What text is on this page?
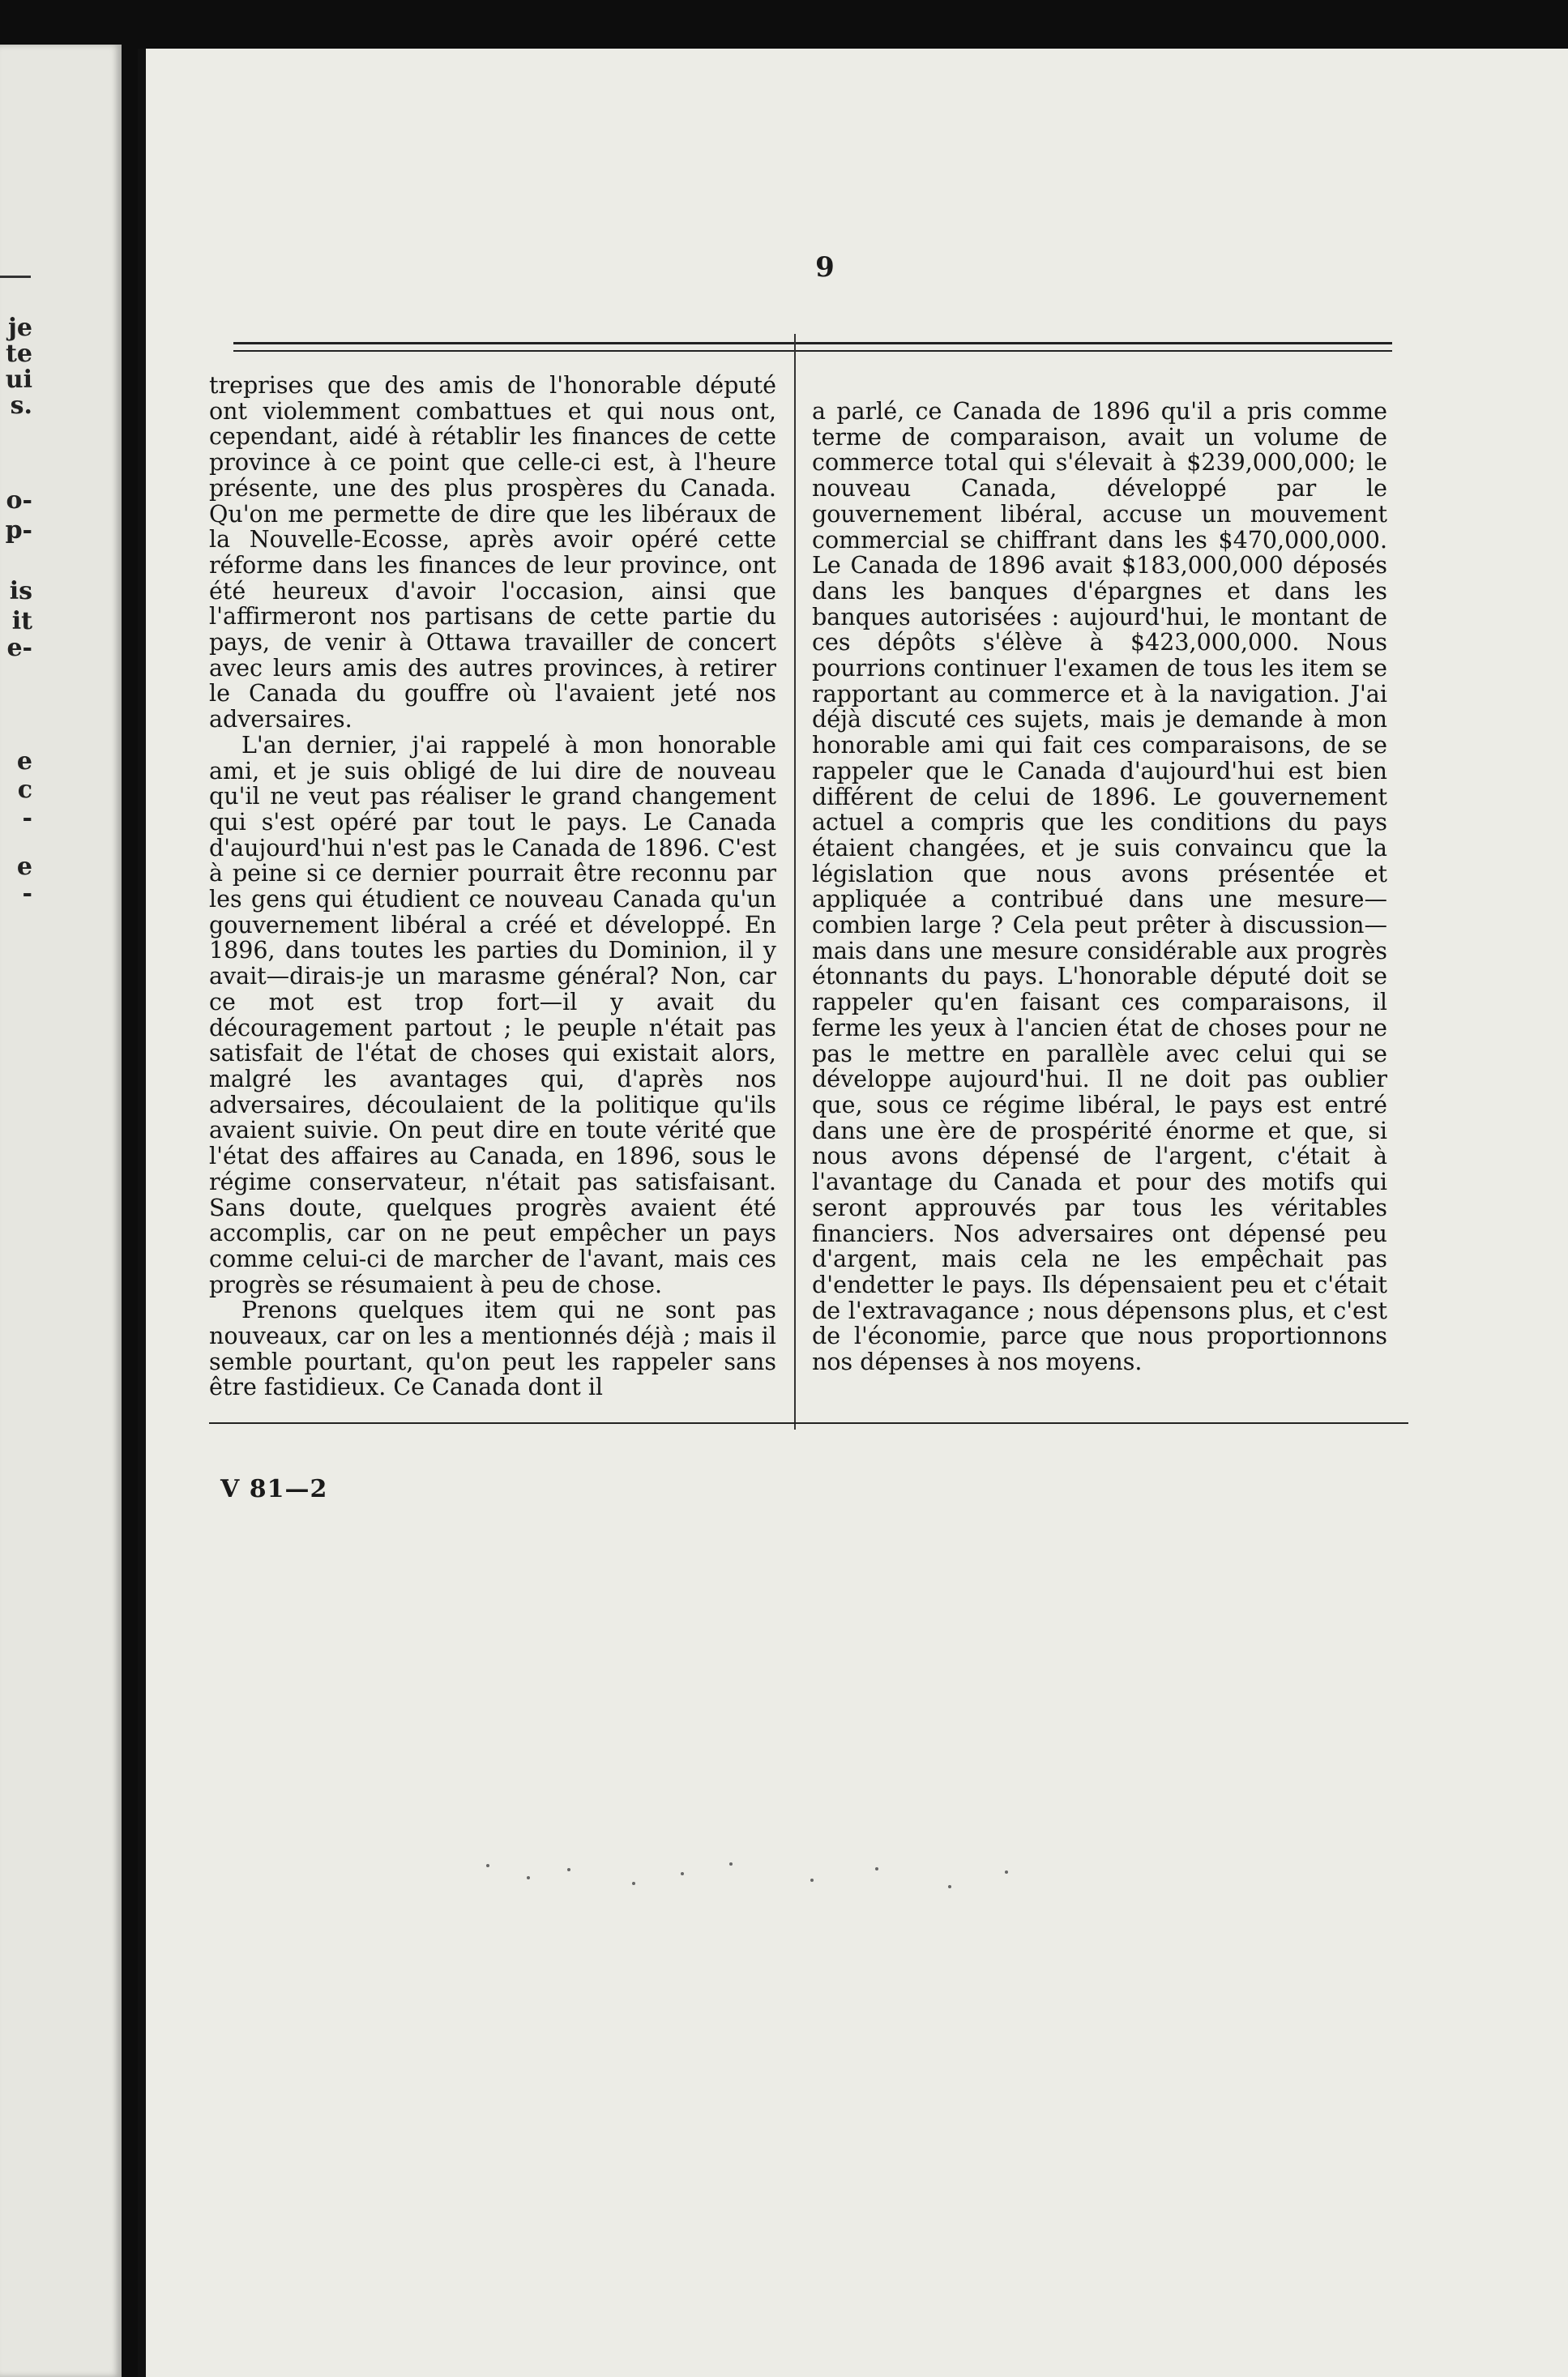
je
te
ui
s.
o-
p-
is
it
e-
e
c
-
e
-
9

treprises que des amis de l'honorable député ont violemment combattues et qui nous ont, cependant, aidé à rétablir les finances de cette province à ce point que celle-ci est, à l'heure présente, une des plus prospères du Canada. Qu'on me permette de dire que les libéraux de la Nouvelle-Ecosse, après avoir opéré cette réforme dans les finances de leur province, ont été heureux d'avoir l'occasion, ainsi que l'affirmeront nos partisans de cette partie du pays, de venir à Ottawa travailler de concert avec leurs amis des autres provinces, à retirer le Canada du gouffre où l'avaient jeté nos adversaires.

L'an dernier, j'ai rappelé à mon honorable ami, et je suis obligé de lui dire de nouveau qu'il ne veut pas réaliser le grand changement qui s'est opéré par tout le pays. Le Canada d'aujourd'hui n'est pas le Canada de 1896. C'est à peine si ce dernier pourrait être reconnu par les gens qui étudient ce nouveau Canada qu'un gouvernement libéral a créé et développé. En 1896, dans toutes les parties du Dominion, il y avait—dirais-je un marasme général? Non, car ce mot est trop fort—il y avait du découragement partout ; le peuple n'était pas satisfait de l'état de choses qui existait alors, malgré les avantages qui, d'après nos adversaires, découlaient de la politique qu'ils avaient suivie. On peut dire en toute vérité que l'état des affaires au Canada, en 1896, sous le régime conservateur, n'était pas satisfaisant. Sans doute, quelques progrès avaient été accomplis, car on ne peut empêcher un pays comme celui-ci de marcher de l'avant, mais ces progrès se résumaient à peu de chose.

Prenons quelques item qui ne sont pas nouveaux, car on les a mentionnés déjà ; mais il semble pourtant, qu'on peut les rappeler sans être fastidieux. Ce Canada dont il

a parlé, ce Canada de 1896 qu'il a pris comme terme de comparaison, avait un volume de commerce total qui s'élevait à $239,000,000; le nouveau Canada, développé par le gouvernement libéral, accuse un mouvement commercial se chiffrant dans les $470,000,000. Le Canada de 1896 avait $183,000,000 déposés dans les banques d'épargnes et dans les banques autorisées : aujourd'hui, le montant de ces dépôts s'élève à $423,000,000. Nous pourrions continuer l'examen de tous les item se rapportant au commerce et à la navigation. J'ai déjà discuté ces sujets, mais je demande à mon honorable ami qui fait ces comparaisons, de se rappeler que le Canada d'aujourd'hui est bien différent de celui de 1896. Le gouvernement actuel a compris que les conditions du pays étaient changées, et je suis convaincu que la législation que nous avons présentée et appliquée a contribué dans une mesure—combien large ? Cela peut prêter à discussion—mais dans une mesure considérable aux progrès étonnants du pays. L'honorable député doit se rappeler qu'en faisant ces comparaisons, il ferme les yeux à l'ancien état de choses pour ne pas le mettre en parallèle avec celui qui se développe aujourd'hui. Il ne doit pas oublier que, sous ce régime libéral, le pays est entré dans une ère de prospérité énorme et que, si nous avons dépensé de l'argent, c'était à l'avantage du Canada et pour des motifs qui seront approuvés par tous les véritables financiers. Nos adversaires ont dépensé peu d'argent, mais cela ne les empêchait pas d'endetter le pays. Ils dépensaient peu et c'était de l'extravagance ; nous dépensons plus, et c'est de l'économie, parce que nous proportionnons nos dépenses à nos moyens.

V 81—2
